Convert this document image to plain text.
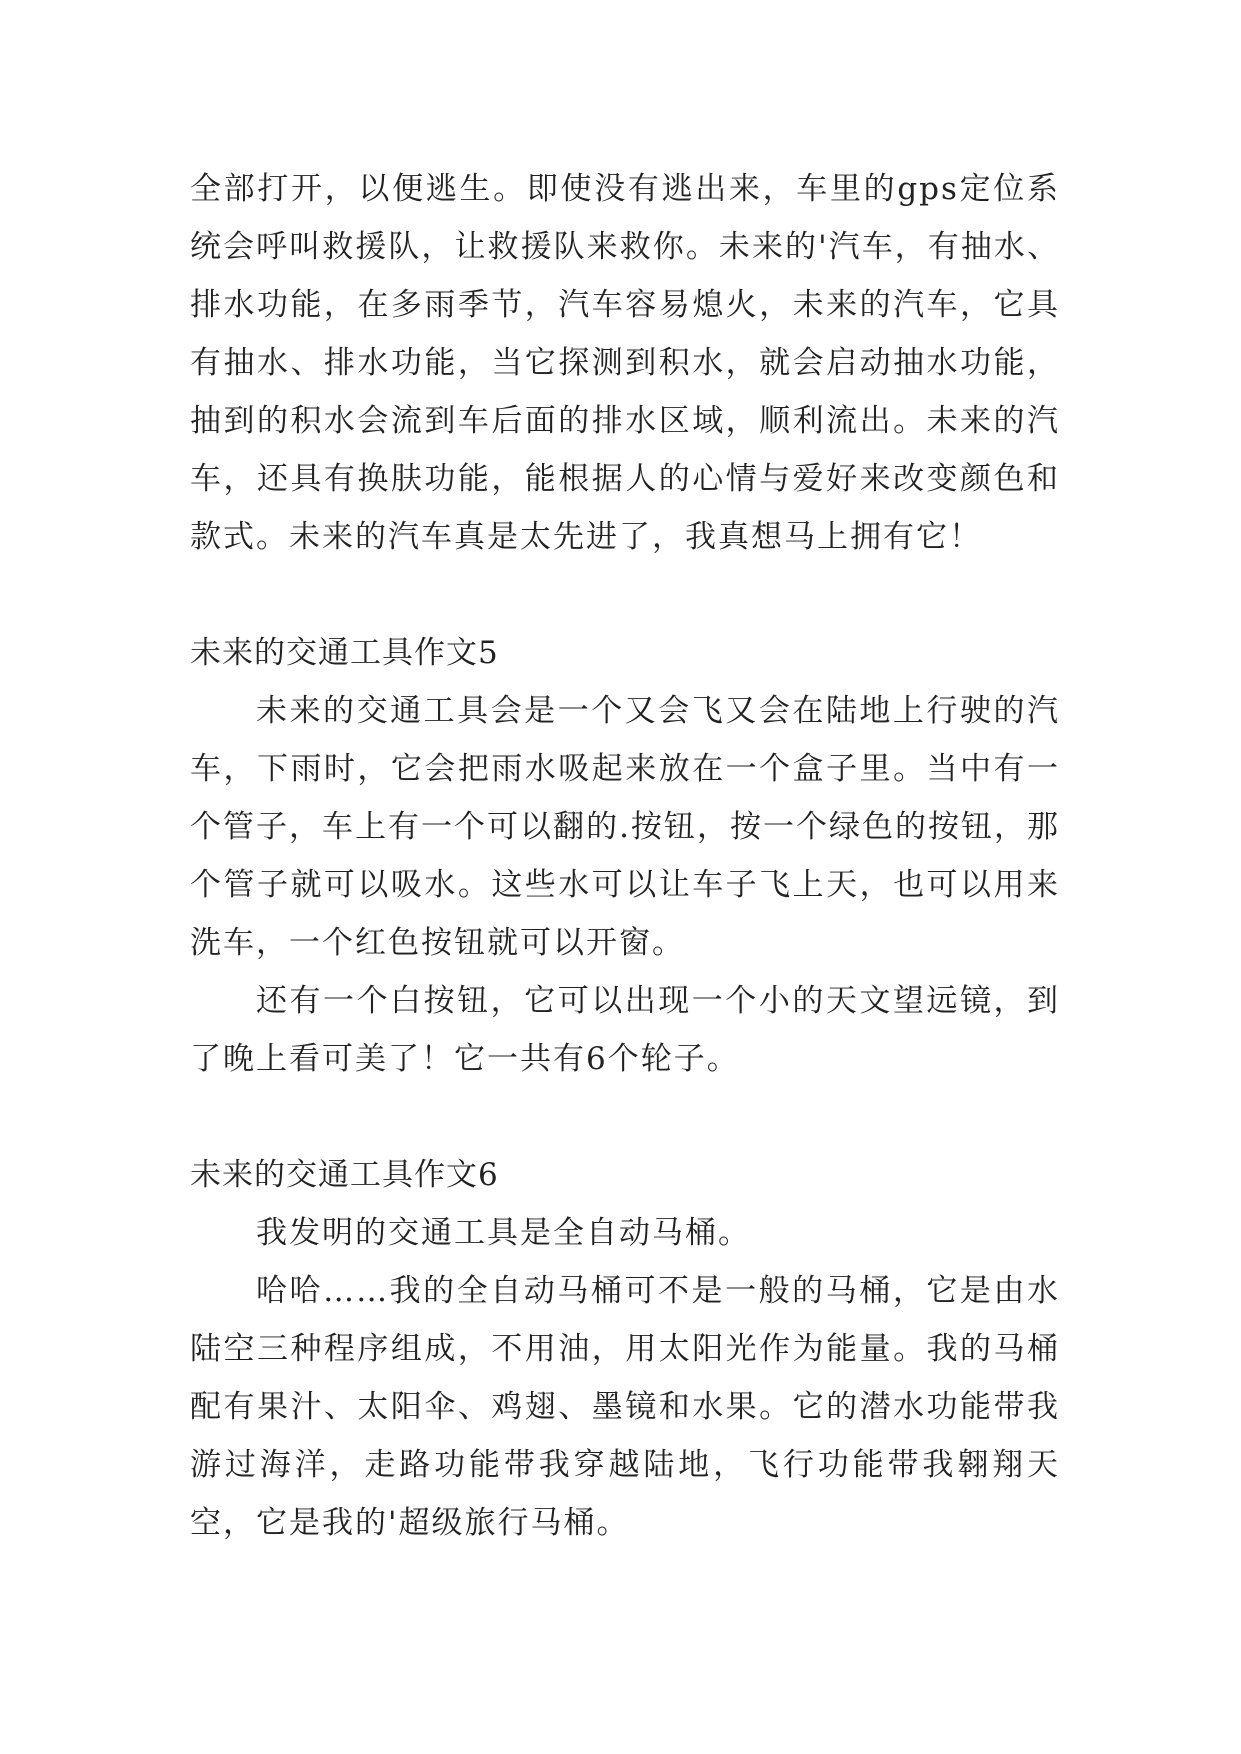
全部打开，以便逃生。即使没有逃出来，车里的gps定位系统会呼叫救援队，让救援队来救你。未来的'汽车，有抽水、排水功能，在多雨季节，汽车容易熄火，未来的汽车，它具有抽水、排水功能，当它探测到积水，就会启动抽水功能，抽到的积水会流到车后面的排水区域，顺利流出。未来的汽车，还具有换肤功能，能根据人的心情与爱好来改变颜色和款式。未来的汽车真是太先进了，我真想马上拥有它！

未来的交通工具作文5

未来的交通工具会是一个又会飞又会在陆地上行驶的汽车，下雨时，它会把雨水吸起来放在一个盒子里。当中有一个管子，车上有一个可以翻的.按钮，按一个绿色的按钮，那个管子就可以吸水。这些水可以让车子飞上天，也可以用来洗车，一个红色按钮就可以开窗。

还有一个白按钮，它可以出现一个小的天文望远镜，到了晚上看可美了！它一共有6个轮子。

未来的交通工具作文6

我发明的交通工具是全自动马桶。

哈哈……我的全自动马桶可不是一般的马桶，它是由水陆空三种程序组成，不用油，用太阳光作为能量。我的马桶配有果汁、太阳伞、鸡翅、墨镜和水果。它的潜水功能带我游过海洋，走路功能带我穿越陆地，飞行功能带我翱翔天空，它是我的'超级旅行马桶。
